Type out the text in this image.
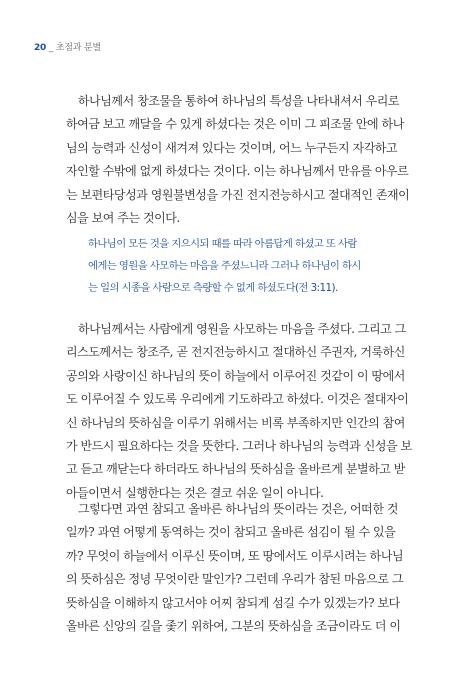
20 _ 초점과 분별
하나님께서 창조물을 통하여 하나님의 특성을 나타내셔서 우리로
하여금 보고 깨달을 수 있게 하셨다는 것은 이미 그 피조물 안에 하나
님의 능력과 신성이 새겨져 있다는 것이며, 어느 누구든지 자각하고
자인할 수밖에 없게 하셨다는 것이다. 이는 하나님께서 만유를 아우르
는 보편타당성과 영원불변성을 가진 전지전능하시고 절대적인 존재이
심을 보여 주는 것이다.
하나님이 모든 것을 지으시되 때를 따라 아름답게 하셨고 또 사람
에게는 영원을 사모하는 마음을 주셨느니라 그러나 하나님이 하시
는 일의 시종을 사람으로 측량할 수 없게 하셨도다(전 3:11).
하나님께서는 사람에게 영원을 사모하는 마음을 주셨다. 그리고 그
리스도께서는 창조주, 곧 전지전능하시고 절대하신 주권자, 거룩하신
공의와 사랑이신 하나님의 뜻이 하늘에서 이루어진 것같이 이 땅에서
도 이루어질 수 있도록 우리에게 기도하라고 하셨다. 이것은 절대자이
신 하나님의 뜻하심을 이루기 위해서는 비록 부족하지만 인간의 참여
가 반드시 필요하다는 것을 뜻한다. 그러나 하나님의 능력과 신성을 보
고 듣고 깨닫는다 하더라도 하나님의 뜻하심을 올바르게 분별하고 받
아들이면서 실행한다는 것은 결코 쉬운 일이 아니다.
그렇다면 과연 참되고 올바른 하나님의 뜻이라는 것은, 어떠한 것
일까? 과연 어떻게 동역하는 것이 참되고 올바른 섬김이 될 수 있을
까? 무엇이 하늘에서 이루신 뜻이며, 또 땅에서도 이루시려는 하나님
의 뜻하심은 정녕 무엇이란 말인가? 그런데 우리가 참된 마음으로 그
뜻하심을 이해하지 않고서야 어찌 참되게 섬길 수가 있겠는가? 보다
올바른 신앙의 길을 좇기 위하여, 그분의 뜻하심을 조금이라도 더 이
